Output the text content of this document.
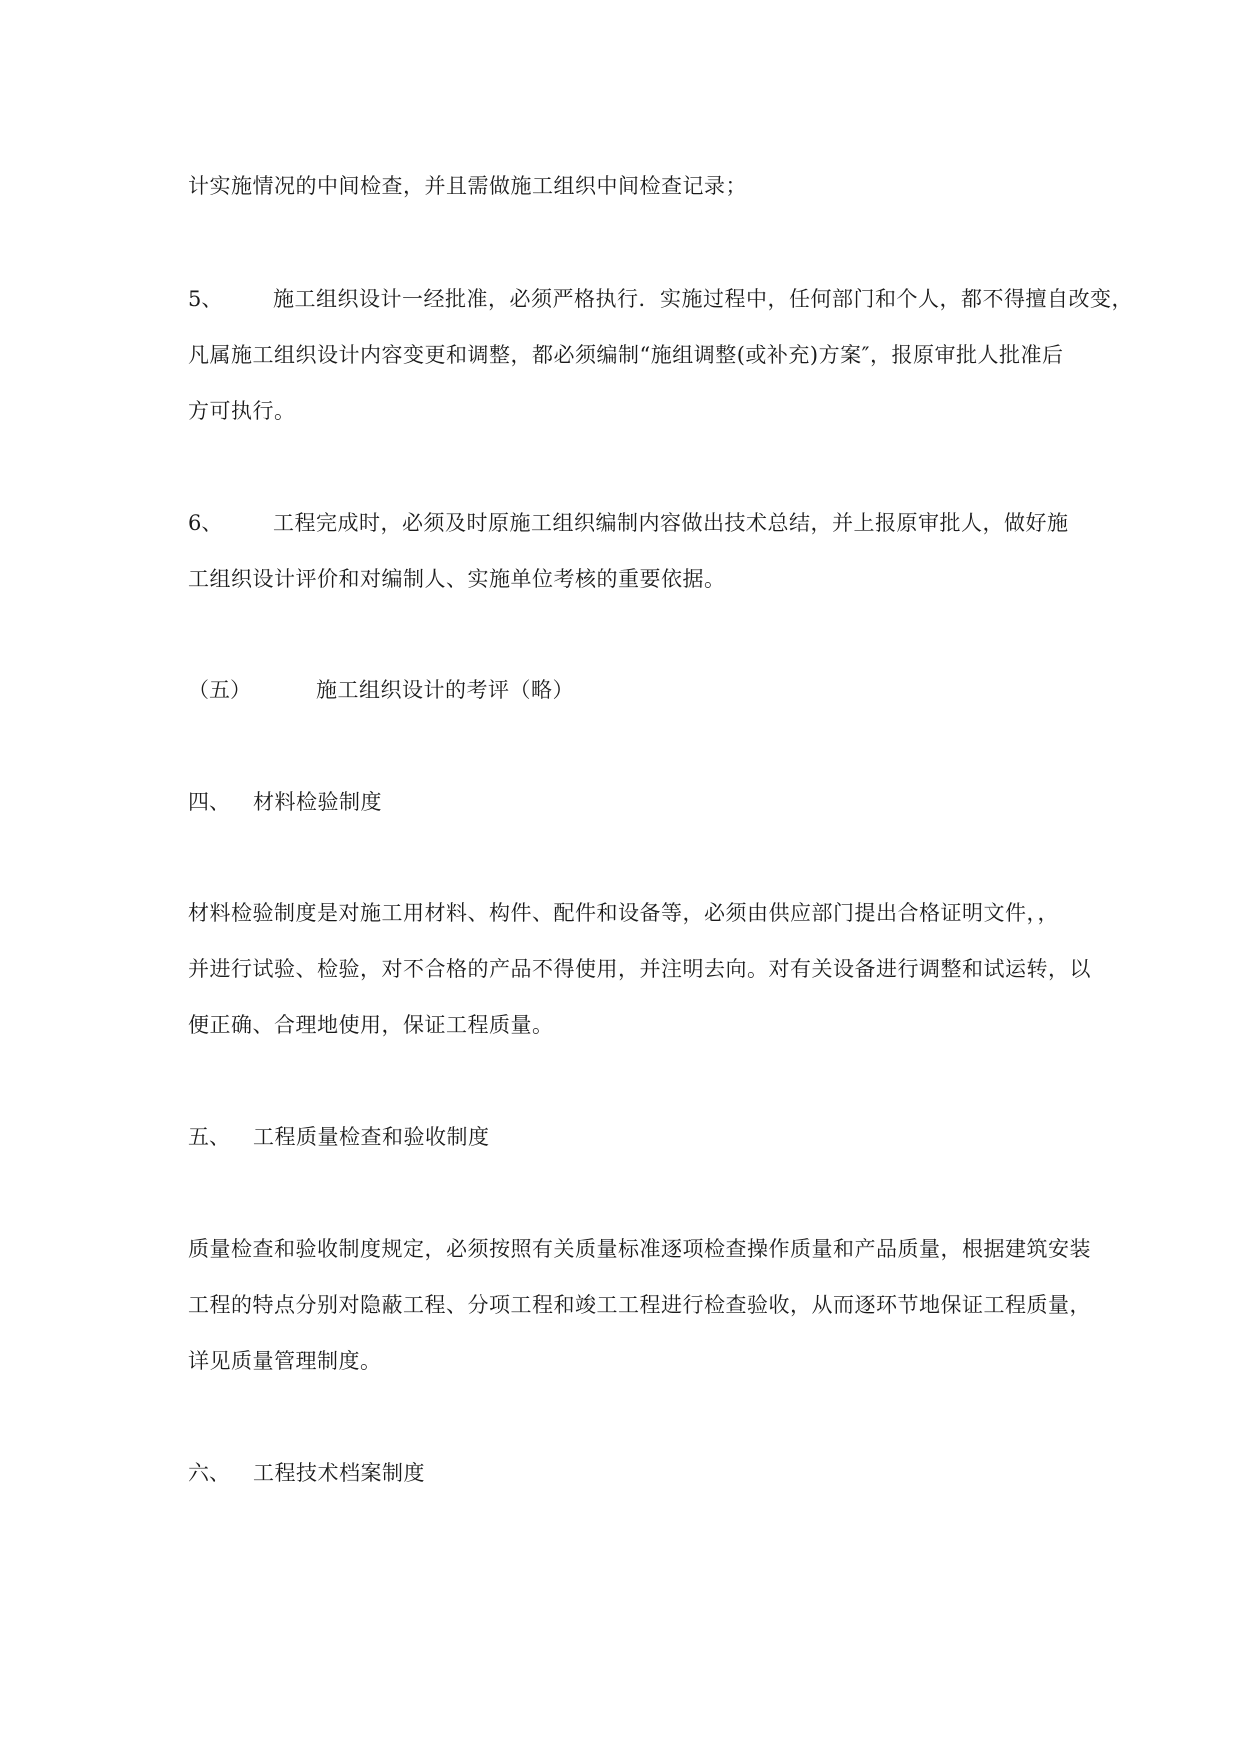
计实施情况的中间检查，并且需做施工组织中间检查记录；
5、 施工组织设计一经批准，必须严格执行．实施过程中，任何部门和个人，都不得擅自改变，
凡属施工组织设计内容变更和调整，都必须编制“施组调整(或补充)方案″，报原审批人批准后
方可执行。
6、 工程完成时，必须及时原施工组织编制内容做出技术总结，并上报原审批人，做好施
工组织设计评价和对编制人、实施单位考核的重要依据。
（五）	施工组织设计的考评（略）
四、 材料检验制度
材料检验制度是对施工用材料、构件、配件和设备等，必须由供应部门提出合格证明文件，，
并进行试验、检验，对不合格的产品不得使用，并注明去向。对有关设备进行调整和试运转，以
便正确、合理地使用，保证工程质量。
五、 工程质量检查和验收制度
质量检查和验收制度规定，必须按照有关质量标准逐项检查操作质量和产品质量，根据建筑安装
工程的特点分别对隐蔽工程、分项工程和竣工工程进行检查验收，从而逐环节地保证工程质量，
详见质量管理制度。
六、 工程技术档案制度
